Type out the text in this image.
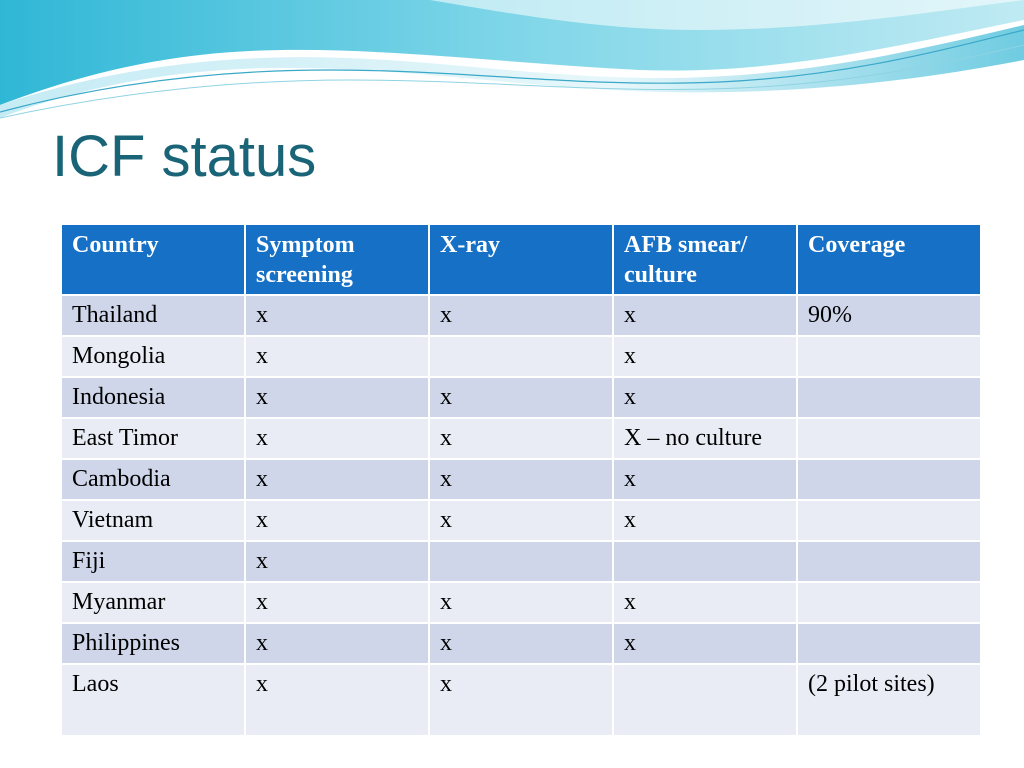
ICF status
Country	Symptom screening	X-ray	AFB smear/ culture	Coverage
Thailand	x	x	x	90%
Mongolia	x		x	
Indonesia	x	x	x	
East Timor	x	x	X – no culture	
Cambodia	x	x	x	
Vietnam	x	x	x	
Fiji	x			
Myanmar	x	x	x	
Philippines	x	x	x	
Laos	x	x		(2 pilot sites)
